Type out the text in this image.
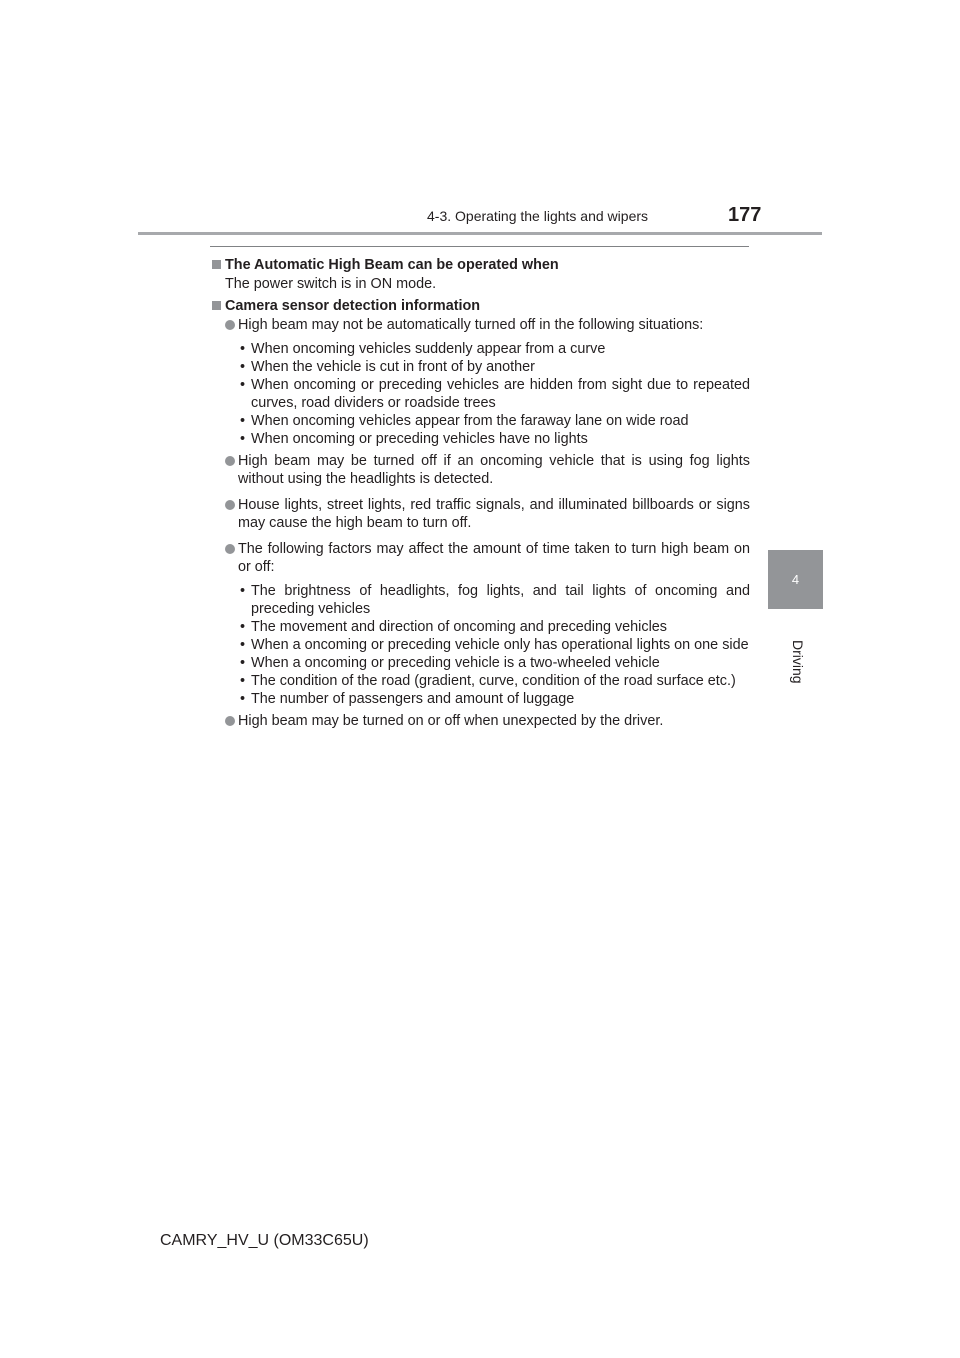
4-3. Operating the lights and wipers	177
4
Driving
The Automatic High Beam can be operated when
The power switch is in ON mode.
Camera sensor detection information
High beam may not be automatically turned off in the following situations:
• When oncoming vehicles suddenly appear from a curve
• When the vehicle is cut in front of by another
• When oncoming or preceding vehicles are hidden from sight due to repeated curves, road dividers or roadside trees
• When oncoming vehicles appear from the faraway lane on wide road
• When oncoming or preceding vehicles have no lights
High beam may be turned off if an oncoming vehicle that is using fog lights without using the headlights is detected.
House lights, street lights, red traffic signals, and illuminated billboards or signs may cause the high beam to turn off.
The following factors may affect the amount of time taken to turn high beam on or off:
• The brightness of headlights, fog lights, and tail lights of oncoming and preceding vehicles
• The movement and direction of oncoming and preceding vehicles
• When a oncoming or preceding vehicle only has operational lights on one side
• When a oncoming or preceding vehicle is a two-wheeled vehicle
• The condition of the road (gradient, curve, condition of the road surface etc.)
• The number of passengers and amount of luggage
High beam may be turned on or off when unexpected by the driver.
CAMRY_HV_U (OM33C65U)
